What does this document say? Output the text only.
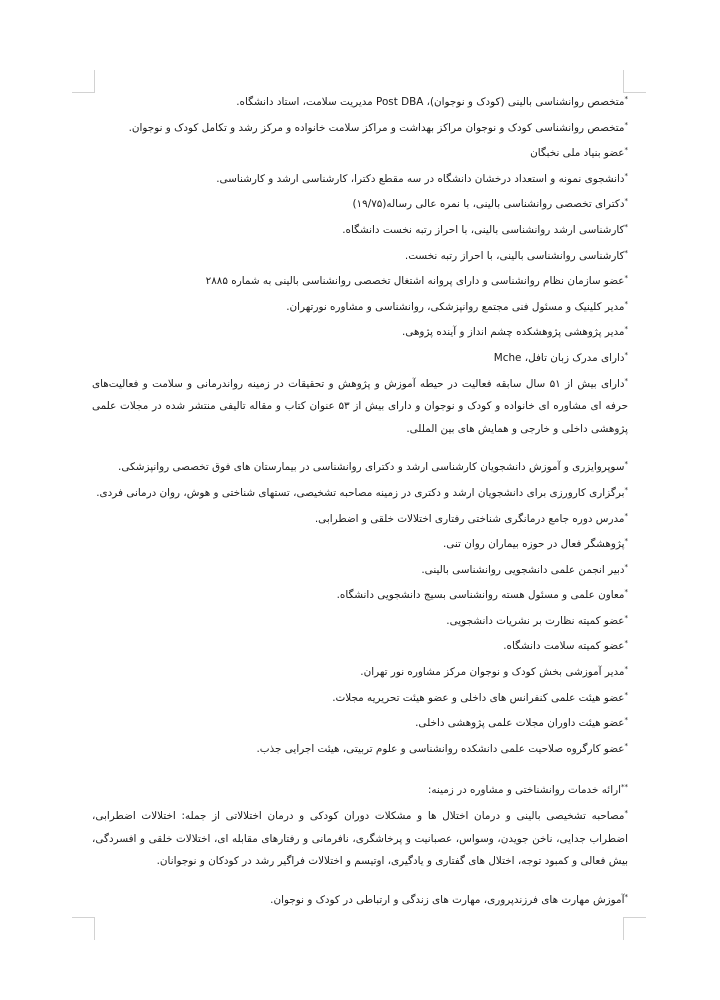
*متخصص روانشناسی بالینی (کودک و نوجوان)، Post DBA مدیریت سلامت، استاد دانشگاه.

*متخصص روانشناسی کودک و نوجوان مراکز بهداشت و مراکز سلامت خانواده و مرکز رشد و تکامل کودک و نوجوان.

*عضو بنیاد ملی نخبگان

*دانشجوی نمونه و استعداد درخشان دانشگاه در سه مقطع دکترا، کارشناسی ارشد و کارشناسی.

*دکترای تخصصی روانشناسی بالینی، با نمره عالی رساله(۱۹/۷۵)

*کارشناسی ارشد روانشناسی بالینی، با احراز رتبه نخست دانشگاه.

*کارشناسی روانشناسی بالینی، با احراز رتبه نخست.

*عضو سازمان نظام روانشناسی و دارای پروانه اشتغال تخصصی روانشناسی بالینی به شماره ۲۸۸۵

*مدیر کلینیک و مسئول فنی مجتمع روانپزشکی، روانشناسی و مشاوره نورتهران.

*مدیر پژوهشی پژوهشکده چشم انداز و آینده پژوهی.

*دارای مدرک زبان تافل، Mche

*دارای بیش از ۵۱ سال سابقه فعالیت در حیطه آموزش و پژوهش و تحقیقات در زمینه رواندرمانی و سلامت و فعالیت‌های حرفه ای مشاوره ای خانواده و کودک و نوجوان و دارای بیش از ۵۳ عنوان کتاب و مقاله تالیفی منتشر شده در مجلات علمی پژوهشی داخلی و خارجی و همایش های بین المللی.

*سوپروایزری و آموزش دانشجویان کارشناسی ارشد و دکترای روانشناسی در بیمارستان های فوق تخصصی روانپزشکی.

*برگزاری کارورزی برای دانشجویان ارشد و دکتری در زمینه مصاحبه تشخیصی، تستهای شناختی و هوش، روان درمانی فردی.

*مدرس دوره جامع درمانگری شناختی رفتاری اختلالات خلقی و اضطرابی.

*پژوهشگر فعال در حوزه بیماران روان تنی.

*دبیر انجمن علمی دانشجویی روانشناسی بالینی.

*معاون علمی و مسئول هسته روانشناسی بسیج دانشجویی دانشگاه.

*عضو کمیته نظارت بر نشریات دانشجویی.

*عضو کمیته سلامت دانشگاه.

*مدیر آموزشی بخش کودک و نوجوان مرکز مشاوره نور تهران.

*عضو هیئت علمی کنفرانس های داخلی و عضو هیئت تحریریه مجلات.

*عضو هیئت داوران مجلات علمی پژوهشی داخلی.

*عضو کارگروه صلاحیت علمی دانشکده روانشناسی و علوم تربیتی، هیئت اجرایی جذب.

**ارائه خدمات روانشناختی و مشاوره در زمینه:

*مصاحبه تشخیصی بالینی و درمان اختلال ها و مشکلات دوران کودکی و درمان اختلالاتی از جمله: اختلالات اضطرابی، اضطراب جدایی، ناخن جویدن، وسواس، عصبانیت و پرخاشگری، نافرمانی و رفتارهای مقابله ای، اختلالات خلقی و افسردگی، بیش فعالی و کمبود توجه، اختلال های گفتاری و یادگیری، اوتیسم و اختلالات فراگیر رشد در کودکان و نوجوانان.

*آموزش مهارت های فرزندپروری، مهارت های زندگی و ارتباطی در کودک و نوجوان.
